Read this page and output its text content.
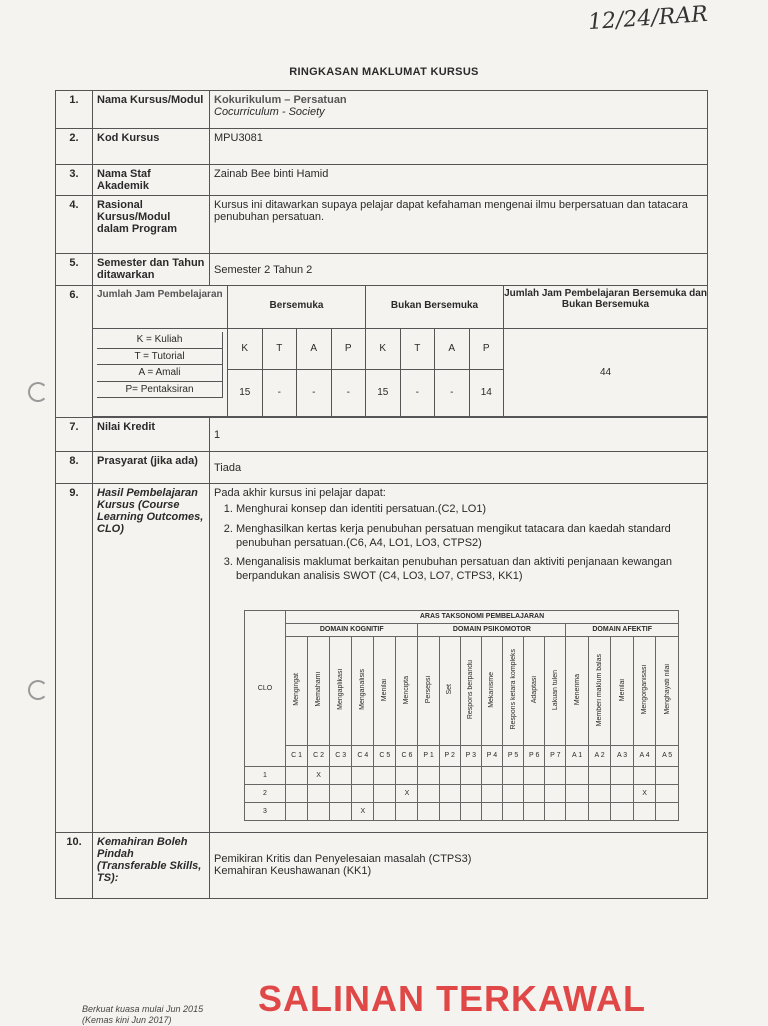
12/24/RAR
RINGKASAN MAKLUMAT KURSUS
1.	Nama Kursus/Modul	Kokurikulum – Persatuan
Cocurriculum - Society

2.	Kod Kursus	MPU3081
3.	Nama Staf Akademik	Zainab Bee binti Hamid
4.	Rasional Kursus/Modul dalam Program	Kursus ini ditawarkan supaya pelajar dapat kefahaman mengenai ilmu berpersatuan dan tatacara penubuhan persatuan.
5.	Semester dan Tahun ditawarkan	Semester 2 Tahun 2
6.	Jumlah Jam Pembelajaran
Bersemuka	Bukan Bersemuka
Jumlah Jam Pembelajaran Bersemuka dan Bukan Bersemuka
K = Kuliah
T = Tutorial
A = Amali
P= Pentaksiran
K	T	A	P	K	T	A	P
44
15	-	-	-	15	-	-	14

7.	Nilai Kredit	1
8.	Prasyarat (jika ada)	Tiada
9.	Hasil Pembelajaran Kursus (Course Learning Outcomes, CLO)	
Pada akhir kursus ini pelajar dapat:
1. Menghurai konsep dan identiti persatuan.(C2, LO1)
2. Menghasilkan kertas kerja penubuhan persatuan mengikut tatacara dan kaedah standard penubuhan persatuan.(C6, A4, LO1, LO3, CTPS2)
3. Menganalisis maklumat berkaitan penubuhan persatuan dan aktiviti penjanaan kewangan berpandukan analisis SWOT (C4, LO3, LO7, CTPS3, KK1)
CLO	ARAS TAKSONOMI PEMBELAJARAN
DOMAIN KOGNITIF	DOMAIN PSIKOMOTOR	DOMAIN AFEKTIF
Mengingat	Memahami	Mengaplikasi	Menganalisis	Menilai	Mencipta	Persepsi	Set	Respons berpandu	Mekanisme	Respons ketara kompleks	Adaptasi	Lakuan tulen	Menerima	Memberi maklum balas	Menilai	Mengorganisasi	Menghayati nilai
C 1	C 2	C 3	C 4	C 5	C 6	P 1	P 2	P 3	P 4	P 5	P 6	P 7	A 1	A 2	A 3	A 4	A 5
1		X																
2						X											X	
3				X														

10.	Kemahiran Boleh Pindah (Transferable Skills, TS):	
Pemikiran Kritis dan Penyelesaian masalah (CTPS3)
Kemahiran Keushawanan (KK1)
SALINAN TERKAWAL
Berkuat kuasa mulai Jun 2015
(Kemas kini Jun 2017)
